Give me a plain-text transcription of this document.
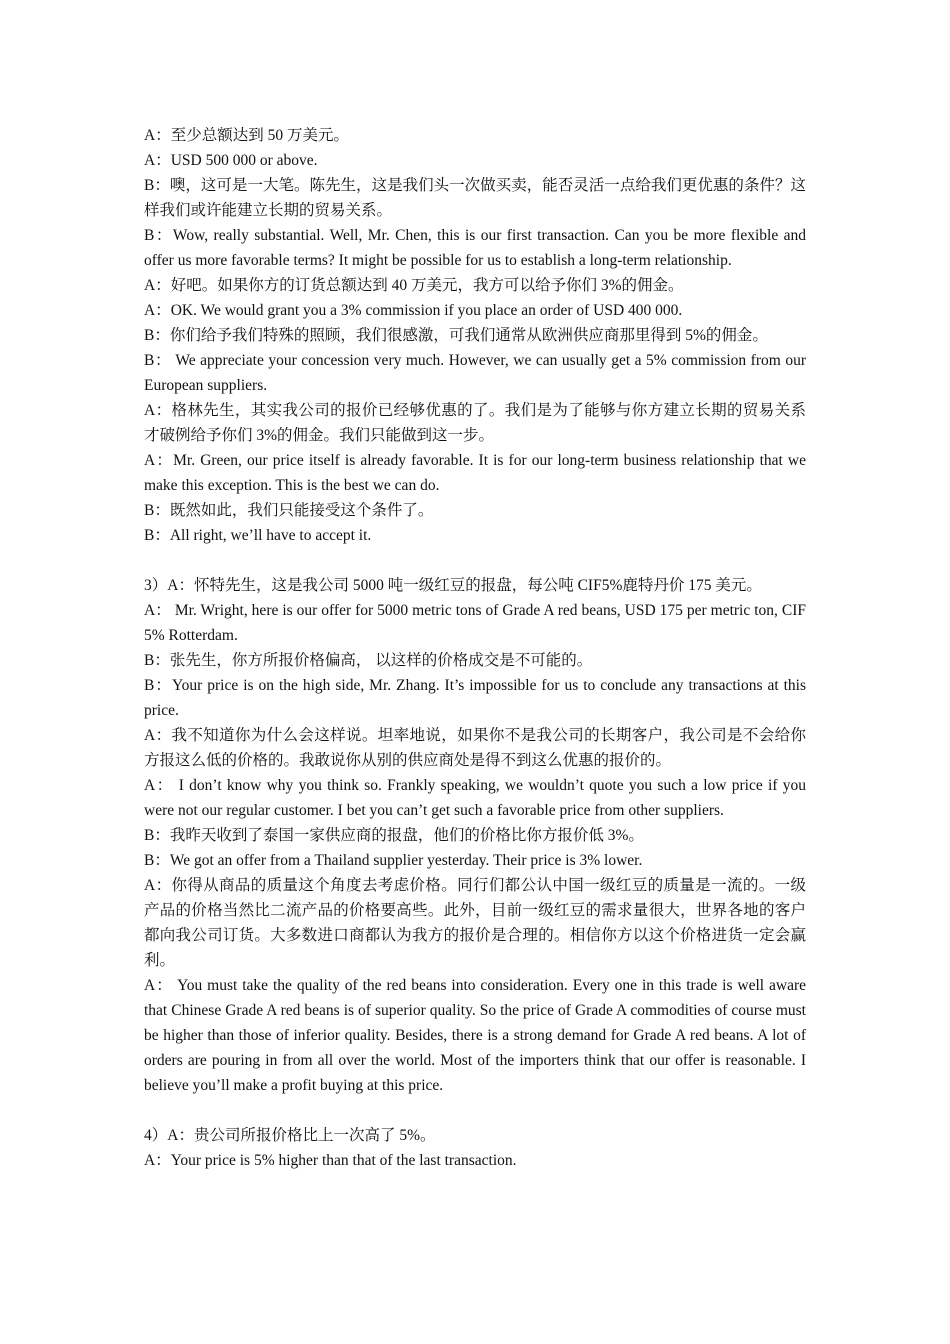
A：至少总额达到 50 万美元。

A：USD 500 000 or above.

B：噢，这可是一大笔。陈先生，这是我们头一次做买卖，能否灵活一点给我们更优惠的条件？这样我们或许能建立长期的贸易关系。

B：Wow, really substantial. Well, Mr. Chen, this is our first transaction. Can you be more flexible and offer us more favorable terms? It might be possible for us to establish a long-term relationship.

A：好吧。如果你方的订货总额达到 40 万美元，我方可以给予你们 3%的佣金。

A：OK. We would grant you a 3% commission if you place an order of USD 400 000.

B：你们给予我们特殊的照顾，我们很感激，可我们通常从欧洲供应商那里得到 5%的佣金。

B： We appreciate your concession very much. However, we can usually get a 5% commission from our European suppliers.

A：格林先生，其实我公司的报价已经够优惠的了。我们是为了能够与你方建立长期的贸易关系才破例给予你们 3%的佣金。我们只能做到这一步。

A：Mr. Green, our price itself is already favorable. It is for our long-term business relationship that we make this exception. This is the best we can do.

B：既然如此，我们只能接受这个条件了。

B：All right, we’ll have to accept it.

3）A：怀特先生，这是我公司 5000 吨一级红豆的报盘，每公吨 CIF5%鹿特丹价 175 美元。

A： Mr. Wright, here is our offer for 5000 metric tons of Grade A red beans, USD 175 per metric ton, CIF 5% Rotterdam.

B：张先生，你方所报价格偏高， 以这样的价格成交是不可能的。

B：Your price is on the high side, Mr. Zhang. It’s impossible for us to conclude any transactions at this price.

A：我不知道你为什么会这样说。坦率地说，如果你不是我公司的长期客户，我公司是不会给你方报这么低的价格的。我敢说你从别的供应商处是得不到这么优惠的报价的。

A： I don’t know why you think so. Frankly speaking, we wouldn’t quote you such a low price if you were not our regular customer. I bet you can’t get such a favorable price from other suppliers.

B：我昨天收到了泰国一家供应商的报盘，他们的价格比你方报价低 3%。

B：We got an offer from a Thailand supplier yesterday. Their price is 3% lower.

A：你得从商品的质量这个角度去考虑价格。同行们都公认中国一级红豆的质量是一流的。一级产品的价格当然比二流产品的价格要高些。此外，目前一级红豆的需求量很大，世界各地的客户都向我公司订货。大多数进口商都认为我方的报价是合理的。相信你方以这个价格进货一定会赢利。

A： You must take the quality of the red beans into consideration. Every one in this trade is well aware that Chinese Grade A red beans is of superior quality. So the price of Grade A commodities of course must be higher than those of inferior quality. Besides, there is a strong demand for Grade A red beans. A lot of orders are pouring in from all over the world. Most of the importers think that our offer is reasonable. I believe you’ll make a profit buying at this price.

4）A：贵公司所报价格比上一次高了 5%。

A：Your price is 5% higher than that of the last transaction.
